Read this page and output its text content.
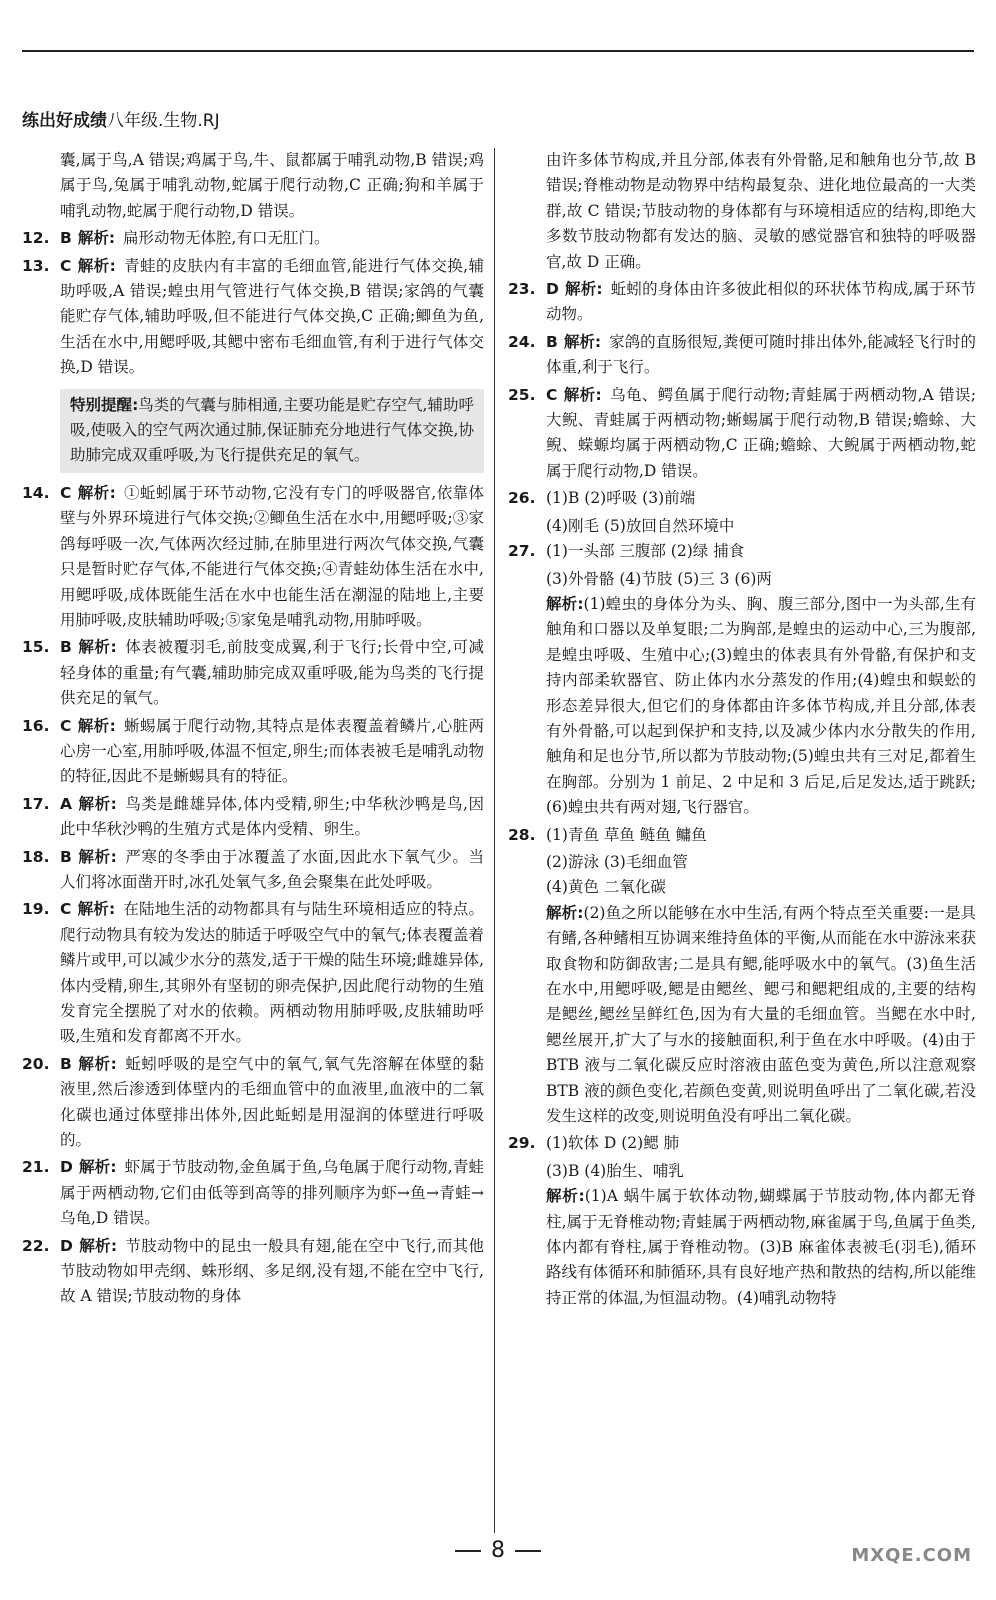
练出好成绩八年级.生物.RJ
囊,属于鸟,A 错误;鸡属于鸟,牛、鼠都属于哺乳动物,B 错误;鸡属于鸟,兔属于哺乳动物,蛇属于爬行动物,C 正确;狗和羊属于哺乳动物,蛇属于爬行动物,D 错误。
12. B 解析: 扁形动物无体腔,有口无肛门。
13. C 解析: 青蛙的皮肤内有丰富的毛细血管,能进行气体交换,辅助呼吸,A 错误;蝗虫用气管进行气体交换,B 错误;家鸽的气囊能贮存气体,辅助呼吸,但不能进行气体交换,C 正确;鲫鱼为鱼,生活在水中,用鳃呼吸,其鳃中密布毛细血管,有利于进行气体交换,D 错误。
特别提醒:鸟类的气囊与肺相通,主要功能是贮存空气,辅助呼吸,使吸入的空气两次通过肺,保证肺充分地进行气体交换,协助肺完成双重呼吸,为飞行提供充足的氧气。
14. C 解析: ①蚯蚓属于环节动物,它没有专门的呼吸器官,依靠体壁与外界环境进行气体交换;②鲫鱼生活在水中,用鳃呼吸;③家鸽每呼吸一次,气体两次经过肺,在肺里进行两次气体交换,气囊只是暂时贮存气体,不能进行气体交换;④青蛙幼体生活在水中,用鳃呼吸,成体既能生活在水中也能生活在潮湿的陆地上,主要用肺呼吸,皮肤辅助呼吸;⑤家兔是哺乳动物,用肺呼吸。
15. B 解析: 体表被覆羽毛,前肢变成翼,利于飞行;长骨中空,可减轻身体的重量;有气囊,辅助肺完成双重呼吸,能为鸟类的飞行提供充足的氧气。
16. C 解析: 蜥蜴属于爬行动物,其特点是体表覆盖着鳞片,心脏两心房一心室,用肺呼吸,体温不恒定,卵生;而体表被毛是哺乳动物的特征,因此不是蜥蜴具有的特征。
17. A 解析: 鸟类是雌雄异体,体内受精,卵生;中华秋沙鸭是鸟,因此中华秋沙鸭的生殖方式是体内受精、卵生。
18. B 解析: 严寒的冬季由于冰覆盖了水面,因此水下氧气少。当人们将冰面凿开时,冰孔处氧气多,鱼会聚集在此处呼吸。
19. C 解析: 在陆地生活的动物都具有与陆生环境相适应的特点。爬行动物具有较为发达的肺适于呼吸空气中的氧气;体表覆盖着鳞片或甲,可以减少水分的蒸发,适于干燥的陆生环境;雌雄异体,体内受精,卵生,其卵外有坚韧的卵壳保护,因此爬行动物的生殖发育完全摆脱了对水的依赖。两栖动物用肺呼吸,皮肤辅助呼吸,生殖和发育都离不开水。
20. B 解析: 蚯蚓呼吸的是空气中的氧气,氧气先溶解在体壁的黏液里,然后渗透到体壁内的毛细血管中的血液里,血液中的二氧化碳也通过体壁排出体外,因此蚯蚓是用湿润的体壁进行呼吸的。
21. D 解析: 虾属于节肢动物,金鱼属于鱼,乌龟属于爬行动物,青蛙属于两栖动物,它们由低等到高等的排列顺序为虾→鱼→青蛙→乌龟,D 错误。
22. D 解析: 节肢动物中的昆虫一般具有翅,能在空中飞行,而其他节肢动物如甲壳纲、蛛形纲、多足纲,没有翅,不能在空中飞行,故 A 错误;节肢动物的身体
由许多体节构成,并且分部,体表有外骨骼,足和触角也分节,故 B 错误;脊椎动物是动物界中结构最复杂、进化地位最高的一大类群,故 C 错误;节肢动物的身体都有与环境相适应的结构,即绝大多数节肢动物都有发达的脑、灵敏的感觉器官和独特的呼吸器官,故 D 正确。
23. D 解析: 蚯蚓的身体由许多彼此相似的环状体节构成,属于环节动物。
24. B 解析: 家鸽的直肠很短,粪便可随时排出体外,能减轻飞行时的体重,利于飞行。
25. C 解析: 乌龟、鳄鱼属于爬行动物;青蛙属于两栖动物,A 错误;大鲵、青蛙属于两栖动物;蜥蜴属于爬行动物,B 错误;蟾蜍、大鲵、蝾螈均属于两栖动物,C 正确;蟾蜍、大鲵属于两栖动物,蛇属于爬行动物,D 错误。
26. (1)B (2)呼吸 (3)前端
(4)刚毛 (5)放回自然环境中
27. (1)一头部 三腹部 (2)绿 捕食
(3)外骨骼 (4)节肢 (5)三 3 (6)两
解析:(1)蝗虫的身体分为头、胸、腹三部分,图中一为头部,生有触角和口器以及单复眼;二为胸部,是蝗虫的运动中心,三为腹部,是蝗虫呼吸、生殖中心;(3)蝗虫的体表具有外骨骼,有保护和支持内部柔软器官、防止体内水分蒸发的作用;(4)蝗虫和蜈蚣的形态差异很大,但它们的身体都由许多体节构成,并且分部,体表有外骨骼,可以起到保护和支持,以及减少体内水分散失的作用,触角和足也分节,所以都为节肢动物;(5)蝗虫共有三对足,都着生在胸部。分别为 1 前足、2 中足和 3 后足,后足发达,适于跳跃;(6)蝗虫共有两对翅,飞行器官。
28. (1)青鱼 草鱼 鲢鱼 鳙鱼
(2)游泳 (3)毛细血管
(4)黄色 二氧化碳
解析:(2)鱼之所以能够在水中生活,有两个特点至关重要:一是具有鳍,各种鳍相互协调来维持鱼体的平衡,从而能在水中游泳来获取食物和防御敌害;二是具有鳃,能呼吸水中的氧气。(3)鱼生活在水中,用鳃呼吸,鳃是由鳃丝、鳃弓和鳃耙组成的,主要的结构是鳃丝,鳃丝呈鲜红色,因为有大量的毛细血管。当鳃在水中时,鳃丝展开,扩大了与水的接触面积,利于鱼在水中呼吸。(4)由于 BTB 液与二氧化碳反应时溶液由蓝色变为黄色,所以注意观察 BTB 液的颜色变化,若颜色变黄,则说明鱼呼出了二氧化碳,若没发生这样的改变,则说明鱼没有呼出二氧化碳。
29. (1)软体 D (2)鳃 肺
(3)B (4)胎生、哺乳
解析:(1)A 蜗牛属于软体动物,蝴蝶属于节肢动物,体内都无脊柱,属于无脊椎动物;青蛙属于两栖动物,麻雀属于鸟,鱼属于鱼类,体内都有脊柱,属于脊椎动物。(3)B 麻雀体表被毛(羽毛),循环路线有体循环和肺循环,具有良好地产热和散热的结构,所以能维持正常的体温,为恒温动物。(4)哺乳动物特
8	MXQE.COM
